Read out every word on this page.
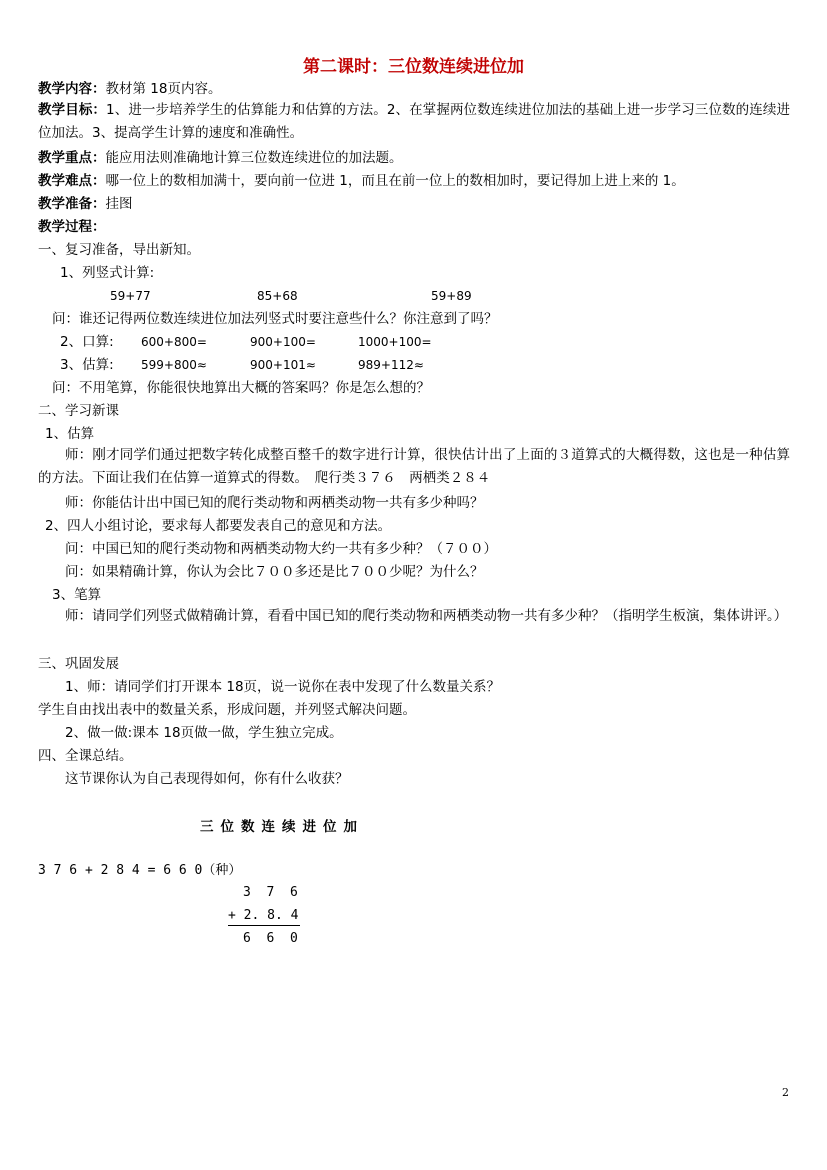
第二课时：三位数连续进位加
教学内容：教材第 18页内容。

教学目标：1、进一步培养学生的估算能力和估算的方法。2、在掌握两位数连续进位加法的基础上进一步学习三位数的连续进位加法。3、提高学生计算的速度和准确性。

教学重点：能应用法则准确地计算三位数连续进位的加法题。
教学难点：哪一位上的数相加满十，要向前一位进 1，而且在前一位上的数相加时，要记得加上进上来的 1。
教学准备：挂图
教学过程：
一、复习准备，导出新知。
1、列竖式计算:
59+77	85+68	59+89
问：谁还记得两位数连续进位加法列竖式时要注意些什么？你注意到了吗？
2、口算: 600+800=	900+100=	1000+100=
3、估算: 599+800≈	900+101≈	989+112≈
问：不用笔算，你能很快地算出大概的答案吗？你是怎么想的？
二、学习新课
1、估算

师：刚才同学们通过把数字转化成整百整千的数字进行计算，很快估计出了上面的３道算式的大概得数，这也是一种估算的方法。下面让我们在估算一道算式的得数。　爬行类３７６　两栖类２８４

师：你能估计出中国已知的爬行类动物和两栖类动物一共有多少种吗？
2、四人小组讨论，要求每人都要发表自己的意见和方法。
问：中国已知的爬行类动物和两栖类动物大约一共有多少种？（７００）
问：如果精确计算，你认为会比７００多还是比７００少呢？为什么？
3、笔算

师：请同学们列竖式做精确计算，看看中国已知的爬行类动物和两栖类动物一共有多少种？（指明学生板演，集体讲评。）

三、巩固发展
1、师：请同学们打开课本 18页，说一说你在表中发现了什么数量关系？
学生自由找出表中的数量关系，形成问题，并列竖式解决问题。
2、做一做:课本 18页做一做，学生独立完成。
四、全课总结。
这节课你认为自己表现得如何，你有什么收获？
三位数连续进位加
3 7 6 + 2 8 4 = 6 6 0（种）
3  7  6
+ 2. 8. 4
6  6  0
2
